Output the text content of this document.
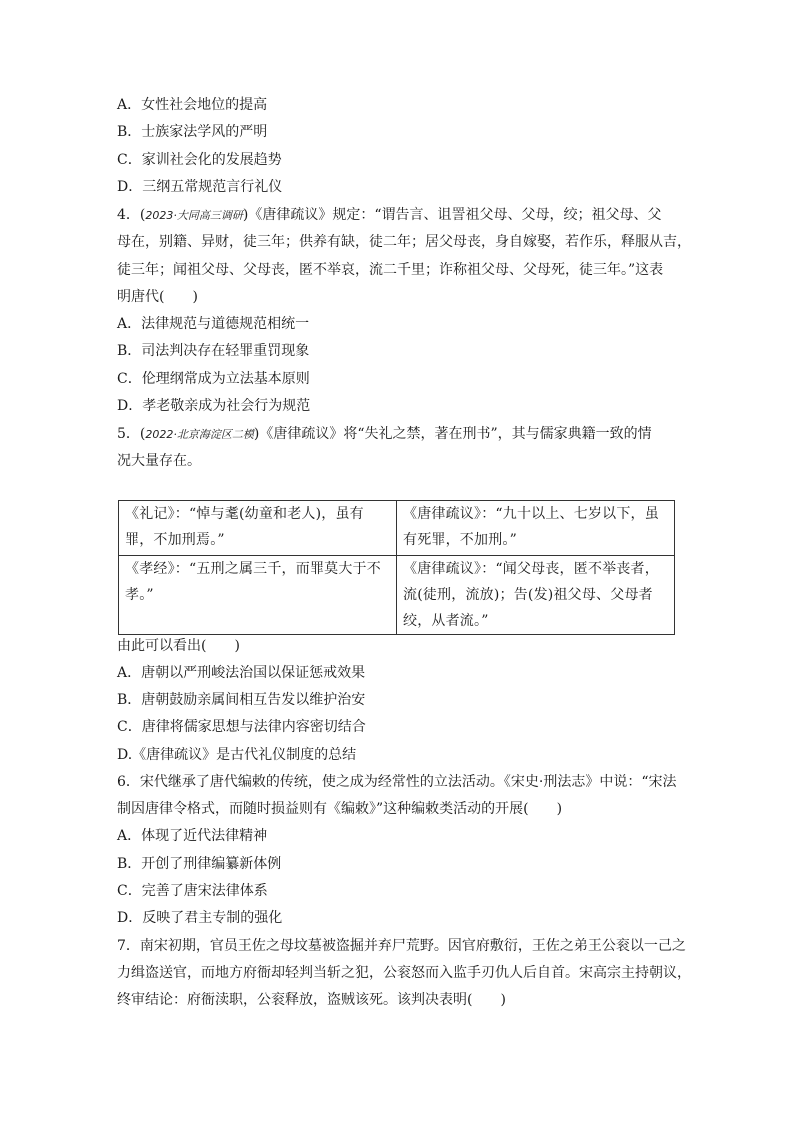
A．女性社会地位的提高
B．士族家法学风的严明
C．家训社会化的发展趋势
D．三纲五常规范言行礼仪
4．(2023·大同高三调研)《唐律疏议》规定：“谓告言、诅詈祖父母、父母，绞；祖父母、父
母在，别籍、异财，徒三年；供养有缺，徒二年；居父母丧，身自嫁娶，若作乐，释服从吉，
徒三年；闻祖父母、父母丧，匿不举哀，流二千里；诈称祖父母、父母死，徒三年。”这表
明唐代(　　)
A．法律规范与道德规范相统一
B．司法判决存在轻罪重罚现象
C．伦理纲常成为立法基本原则
D．孝老敬亲成为社会行为规范
5．(2022·北京海淀区二模)《唐律疏议》将“失礼之禁，著在刑书”，其与儒家典籍一致的情
况大量存在。
《礼记》：“悼与耄(幼童和老人)，虽有罪，不加刑焉。”	《唐律疏议》：“九十以上、七岁以下，虽有死罪，不加刑。”
《孝经》：“五刑之属三千，而罪莫大于不孝。”	《唐律疏议》：“闻父母丧，匿不举丧者，流(徒刑，流放)；告(发)祖父母、父母者绞，从者流。”
由此可以看出(　　)
A．唐朝以严刑峻法治国以保证惩戒效果
B．唐朝鼓励亲属间相互告发以维护治安
C．唐律将儒家思想与法律内容密切结合
D.《唐律疏议》是古代礼仪制度的总结
6．宋代继承了唐代编敕的传统，使之成为经常性的立法活动。《宋史·刑法志》中说：“宋法
制因唐律令格式，而随时损益则有《编敕》”这种编敕类活动的开展(　　)
A．体现了近代法律精神
B．开创了刑律编纂新体例
C．完善了唐宋法律体系
D．反映了君主专制的强化
7．南宋初期，官员王佐之母坟墓被盗掘并弃尸荒野。因官府敷衍，王佐之弟王公衮以一己之
力缉盗送官，而地方府衙却轻判当斩之犯，公衮怒而入监手刃仇人后自首。宋高宗主持朝议，
终审结论：府衙渎职，公衮释放，盗贼该死。该判决表明(　　)
